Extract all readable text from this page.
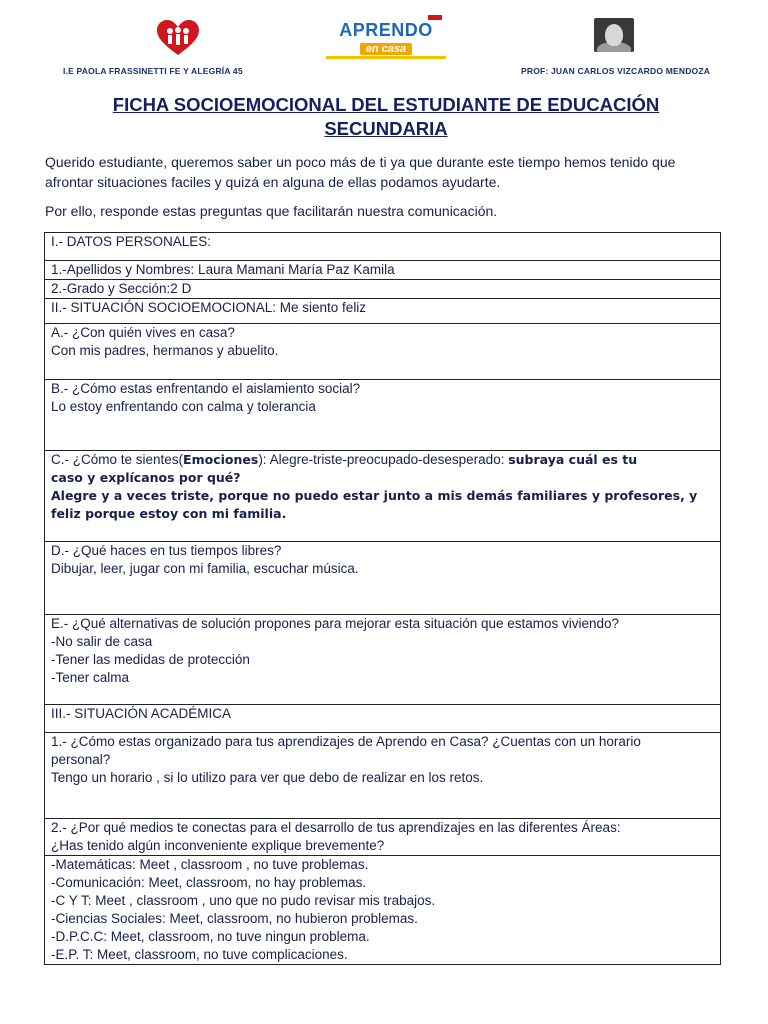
APRENDO
en casa
I.E PAOLA FRASSINETTI FE Y ALEGRÍA 45	PROF: JUAN CARLOS VIZCARDO MENDOZA
FICHA SOCIOEMOCIONAL DEL ESTUDIANTE DE EDUCACIÓN
SECUNDARIA
Querido estudiante, queremos saber un poco más de ti ya que durante este tiempo hemos tenido que
afrontar situaciones faciles y quizá en alguna de ellas podamos ayudarte.
Por ello, responde estas preguntas que facilitarán nuestra comunicación.
I.- DATOS PERSONALES:
1.-Apellidos y Nombres: Laura Mamani María Paz Kamila
2.-Grado y Sección:2 D
II.- SITUACIÓN SOCIOEMOCIONAL: Me siento feliz

A.- ¿Con quién vives en casa?
Con mis padres, hermanos y abuelito.

B.- ¿Cómo estas enfrentando el aislamiento social?
Lo estoy enfrentando con calma y tolerancia

C.- ¿Cómo te sientes(Emociones): Alegre-triste-preocupado-desesperado: subraya cuál es tu
caso y explícanos por qué?
Alegre y a veces triste, porque no puedo estar junto a mis demás familiares y profesores, y
feliz porque estoy con mi familia.

D.- ¿Qué haces en tus tiempos libres?
Dibujar, leer, jugar con mi familia, escuchar música.

E.- ¿Qué alternativas de solución propones para mejorar esta situación que estamos viviendo?
-No salir de casa
-Tener las medidas de protección
-Tener calma

III.- SITUACIÓN ACADÉMICA

1.- ¿Cómo estas organizado para tus aprendizajes de Aprendo en Casa? ¿Cuentas con un horario
personal?
Tengo un horario , si lo utilizo para ver que debo de realizar en los retos.

2.- ¿Por qué medios te conectas para el desarrollo de tus aprendizajes en las diferentes Áreas:
¿Has tenido algún inconveniente explique brevemente?

-Matemáticas: Meet , classroom , no tuve problemas.
-Comunicación: Meet, classroom, no hay problemas.
-C Y T: Meet , classroom , uno que no pudo revisar mis trabajos.
-Ciencias Sociales: Meet, classroom, no hubieron problemas.
-D.P.C.C: Meet, classroom, no tuve ningun problema.
-E.P. T: Meet, classroom, no tuve complicaciones.
